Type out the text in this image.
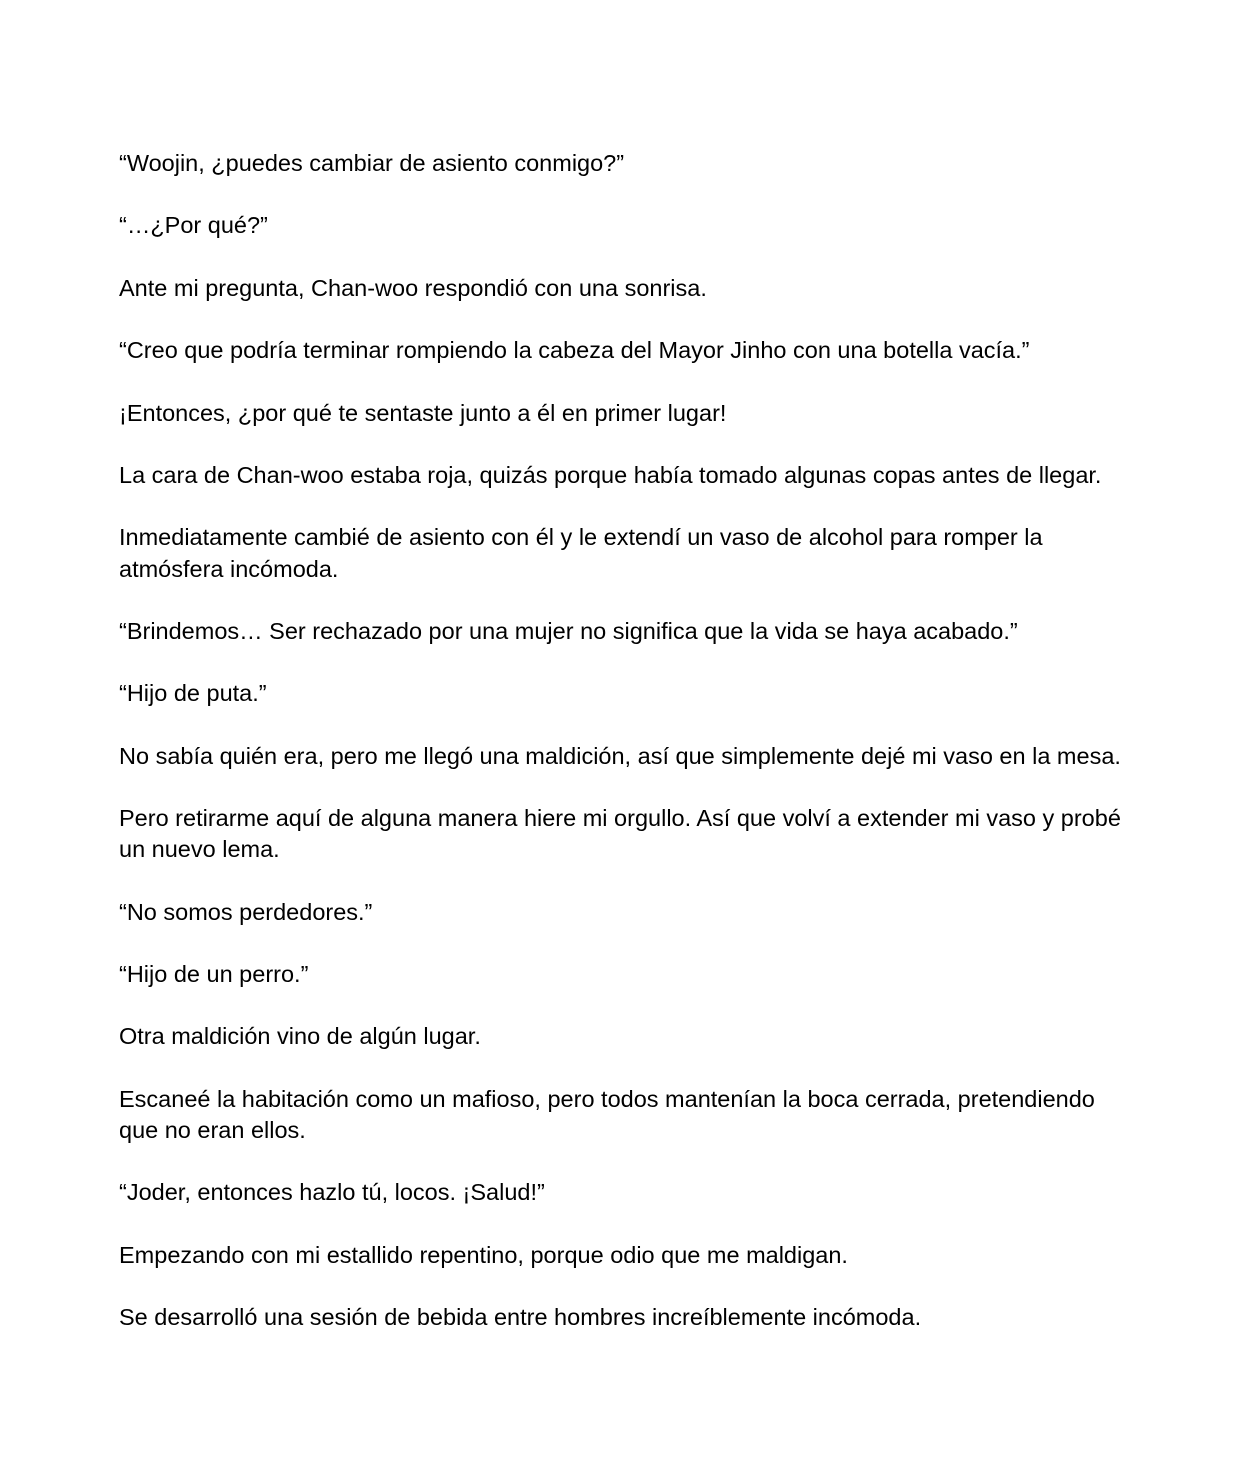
“Woojin, ¿puedes cambiar de asiento conmigo?”

“…¿Por qué?”

Ante mi pregunta, Chan-woo respondió con una sonrisa.

“Creo que podría terminar rompiendo la cabeza del Mayor Jinho con una botella vacía.”

¡Entonces, ¿por qué te sentaste junto a él en primer lugar!

La cara de Chan-woo estaba roja, quizás porque había tomado algunas copas antes de llegar.

Inmediatamente cambié de asiento con él y le extendí un vaso de alcohol para romper la atmósfera incómoda.

“Brindemos… Ser rechazado por una mujer no significa que la vida se haya acabado.”

“Hijo de puta.”

No sabía quién era, pero me llegó una maldición, así que simplemente dejé mi vaso en la mesa.

Pero retirarme aquí de alguna manera hiere mi orgullo. Así que volví a extender mi vaso y probé un nuevo lema.

“No somos perdedores.”

“Hijo de un perro.”

Otra maldición vino de algún lugar.

Escaneé la habitación como un mafioso, pero todos mantenían la boca cerrada, pretendiendo que no eran ellos.

“Joder, entonces hazlo tú, locos. ¡Salud!”

Empezando con mi estallido repentino, porque odio que me maldigan.

Se desarrolló una sesión de bebida entre hombres increíblemente incómoda.
